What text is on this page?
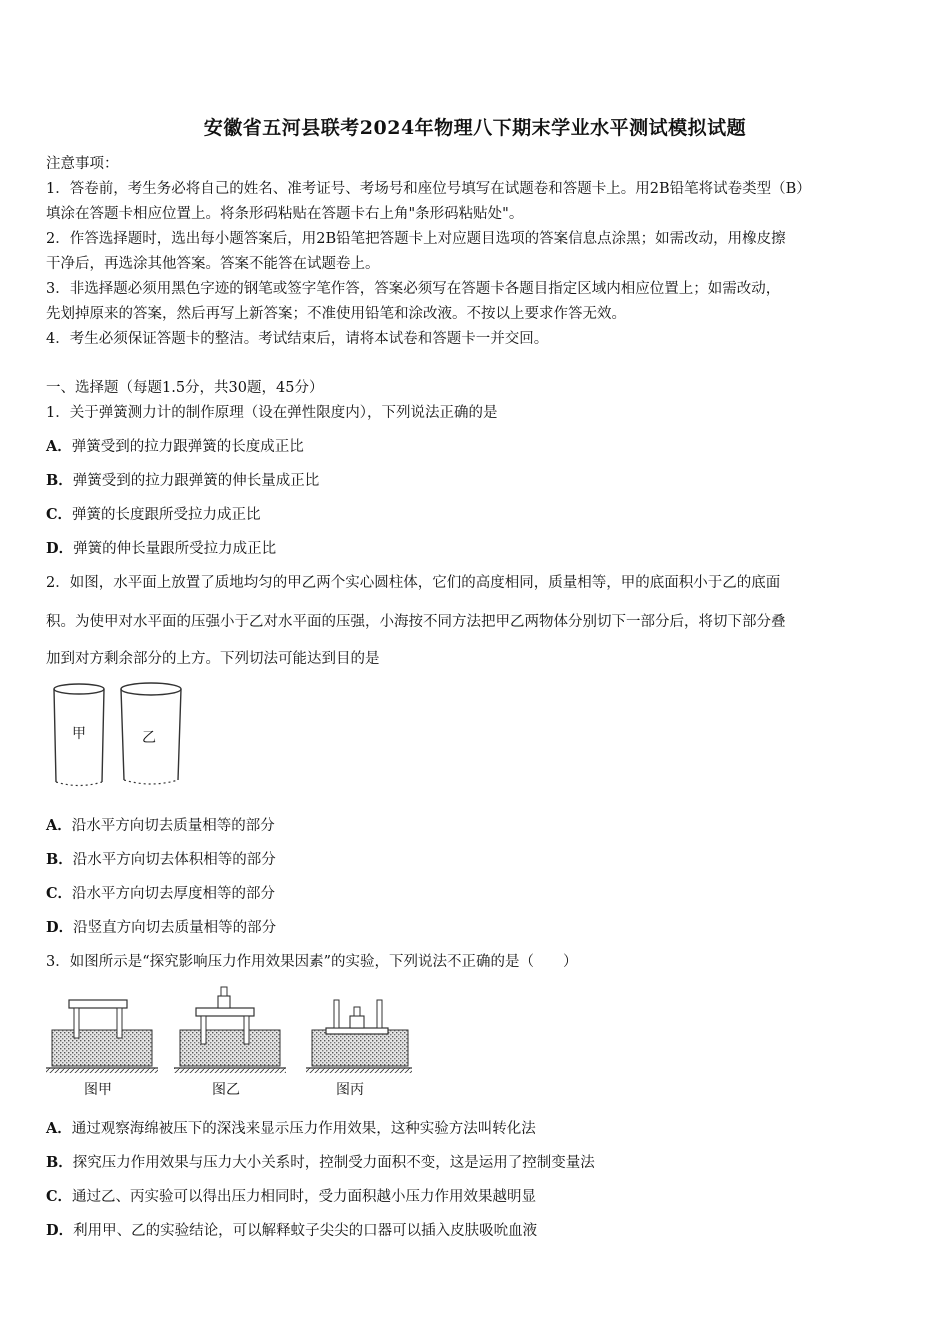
安徽省五河县联考2024年物理八下期末学业水平测试模拟试题
注意事项：
1．答卷前，考生务必将自己的姓名、准考证号、考场号和座位号填写在试题卷和答题卡上。用2B铅笔将试卷类型（B）
填涂在答题卡相应位置上。将条形码粘贴在答题卡右上角"条形码粘贴处"。
2．作答选择题时，选出每小题答案后，用2B铅笔把答题卡上对应题目选项的答案信息点涂黑；如需改动，用橡皮擦
干净后，再选涂其他答案。答案不能答在试题卷上。
3．非选择题必须用黑色字迹的钢笔或签字笔作答，答案必须写在答题卡各题目指定区域内相应位置上；如需改动，
先划掉原来的答案，然后再写上新答案；不准使用铅笔和涂改液。不按以上要求作答无效。
4．考生必须保证答题卡的整洁。考试结束后，请将本试卷和答题卡一并交回。
一、选择题（每题1.5分，共30题，45分）
1．关于弹簧测力计的制作原理（设在弹性限度内），下列说法正确的是
A．弹簧受到的拉力跟弹簧的长度成正比
B．弹簧受到的拉力跟弹簧的伸长量成正比
C．弹簧的长度跟所受拉力成正比
D．弹簧的伸长量跟所受拉力成正比
2．如图，水平面上放置了质地均匀的甲乙两个实心圆柱体，它们的高度相同，质量相等，甲的底面积小于乙的底面
积。为使甲对水平面的压强小于乙对水平面的压强，小海按不同方法把甲乙两物体分别切下一部分后，将切下部分叠
加到对方剩余部分的上方。下列切法可能达到目的是
甲	乙
A．沿水平方向切去质量相等的部分
B．沿水平方向切去体积相等的部分
C．沿水平方向切去厚度相等的部分
D．沿竖直方向切去质量相等的部分
3．如图所示是“探究影响压力作用效果因素”的实验，下列说法不正确的是（　　）
图甲	图乙	图丙
A．通过观察海绵被压下的深浅来显示压力作用效果，这种实验方法叫转化法
B．探究压力作用效果与压力大小关系时，控制受力面积不变，这是运用了控制变量法
C．通过乙、丙实验可以得出压力相同时，受力面积越小压力作用效果越明显
D．利用甲、乙的实验结论，可以解释蚊子尖尖的口器可以插入皮肤吸吮血液
